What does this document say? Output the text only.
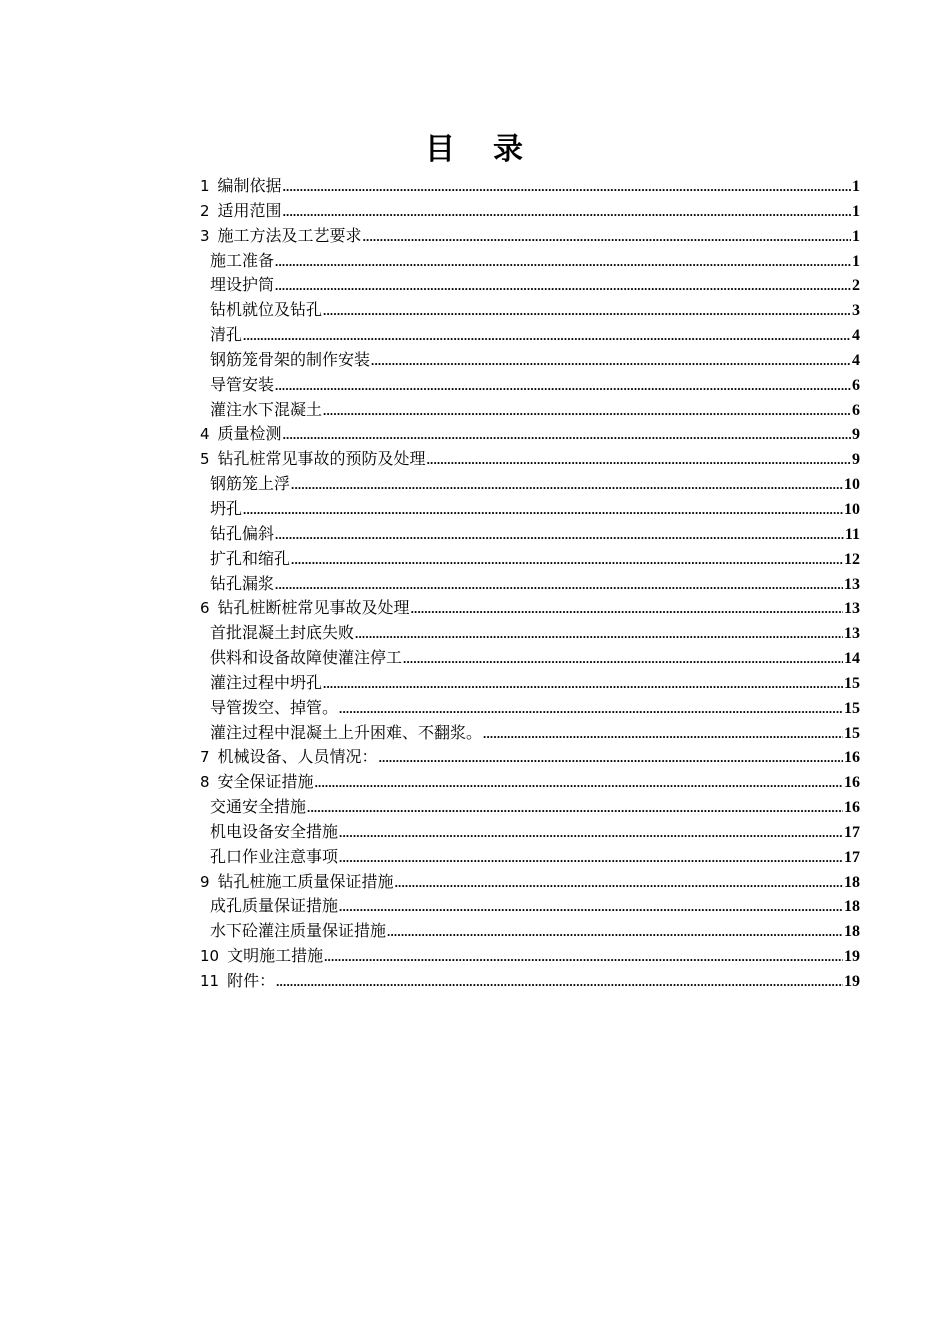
目 录
1 编制依据 .....	1
2 适用范围 .....	1
3 施工方法及工艺要求 .....	1
施工准备 .....	1
埋设护筒 .....	2
钻机就位及钻孔 .....	3
清孔 .....	4
钢筋笼骨架的制作安装 .....	4
导管安装 .....	6
灌注水下混凝土 .....	6
4 质量检测 .....	9
5 钻孔桩常见事故的预防及处理 .....	9
钢筋笼上浮 .....	10
坍孔 .....	10
钻孔偏斜 .....	11
扩孔和缩孔 .....	12
钻孔漏浆 .....	13
6 钻孔桩断桩常见事故及处理 .....	13
首批混凝土封底失败 .....	13
供料和设备故障使灌注停工 .....	14
灌注过程中坍孔 .....	15
导管拨空、掉管。 .....	15
灌注过程中混凝土上升困难、不翻浆。 .....	15
7 机械设备、人员情况： .....	16
8 安全保证措施 .....	16
交通安全措施 .....	16
机电设备安全措施 .....	17
孔口作业注意事项 .....	17
9 钻孔桩施工质量保证措施 .....	18
成孔质量保证措施 .....	18
水下砼灌注质量保证措施 .....	18
10 文明施工措施 .....	19
11 附件： .....	19
